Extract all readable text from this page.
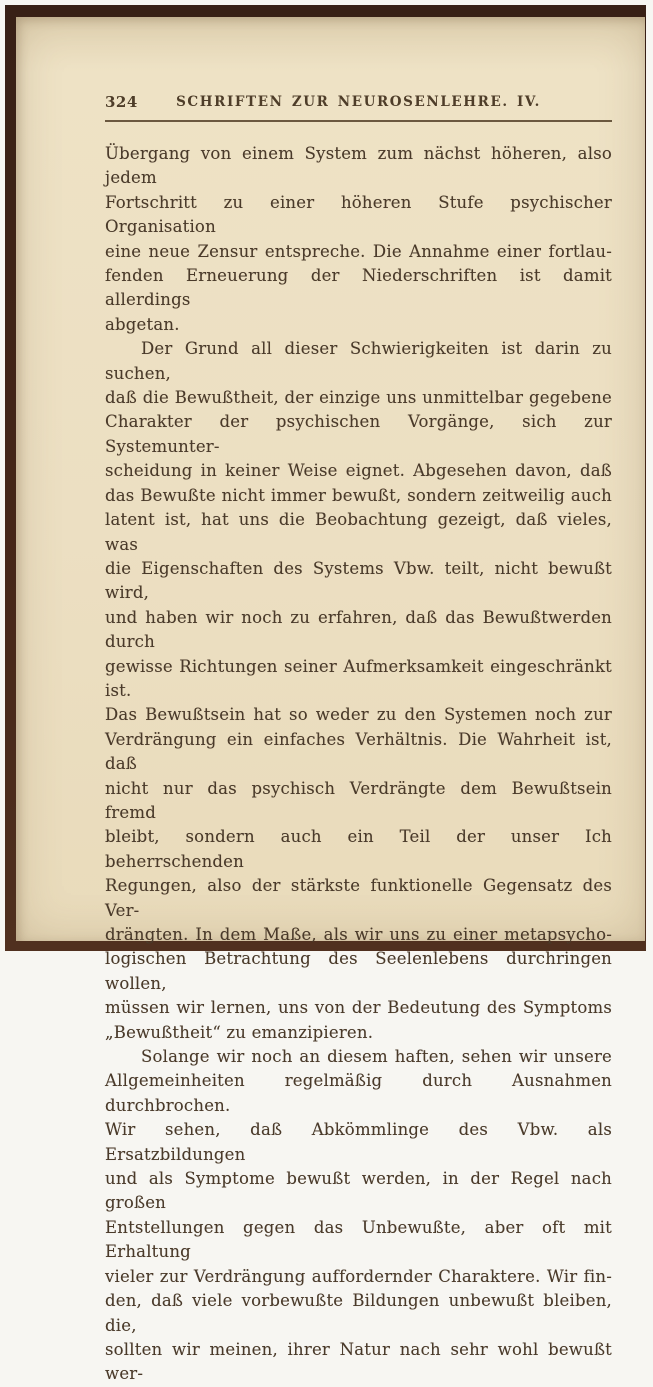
324	SCHRIFTEN ZUR NEUROSENLEHRE. IV.
Übergang von einem System zum nächst höheren, also jedem
Fortschritt zu einer höheren Stufe psychischer Organisation
eine neue Zensur entspreche. Die Annahme einer fortlau-
fenden Erneuerung der Niederschriften ist damit allerdings
abgetan.
Der Grund all dieser Schwierigkeiten ist darin zu suchen,
daß die Bewußtheit, der einzige uns unmittelbar gegebene
Charakter der psychischen Vorgänge, sich zur Systemunter-
scheidung in keiner Weise eignet. Abgesehen davon, daß
das Bewußte nicht immer bewußt, sondern zeitweilig auch
latent ist, hat uns die Beobachtung gezeigt, daß vieles, was
die Eigenschaften des Systems Vbw. teilt, nicht bewußt wird,
und haben wir noch zu erfahren, daß das Bewußtwerden durch
gewisse Richtungen seiner Aufmerksamkeit eingeschränkt ist.
Das Bewußtsein hat so weder zu den Systemen noch zur
Verdrängung ein einfaches Verhältnis. Die Wahrheit ist, daß
nicht nur das psychisch Verdrängte dem Bewußtsein fremd
bleibt, sondern auch ein Teil der unser Ich beherrschenden
Regungen, also der stärkste funktionelle Gegensatz des Ver-
drängten. In dem Maße, als wir uns zu einer metapsycho-
logischen Betrachtung des Seelenlebens durchringen wollen,
müssen wir lernen, uns von der Bedeutung des Symptoms
„Bewußtheit“ zu emanzipieren.
Solange wir noch an diesem haften, sehen wir unsere
Allgemeinheiten regelmäßig durch Ausnahmen durchbrochen.
Wir sehen, daß Abkömmlinge des Vbw. als Ersatzbildungen
und als Symptome bewußt werden, in der Regel nach großen
Entstellungen gegen das Unbewußte, aber oft mit Erhaltung
vieler zur Verdrängung auffordernder Charaktere. Wir fin-
den, daß viele vorbewußte Bildungen unbewußt bleiben, die,
sollten wir meinen, ihrer Natur nach sehr wohl bewußt wer-
